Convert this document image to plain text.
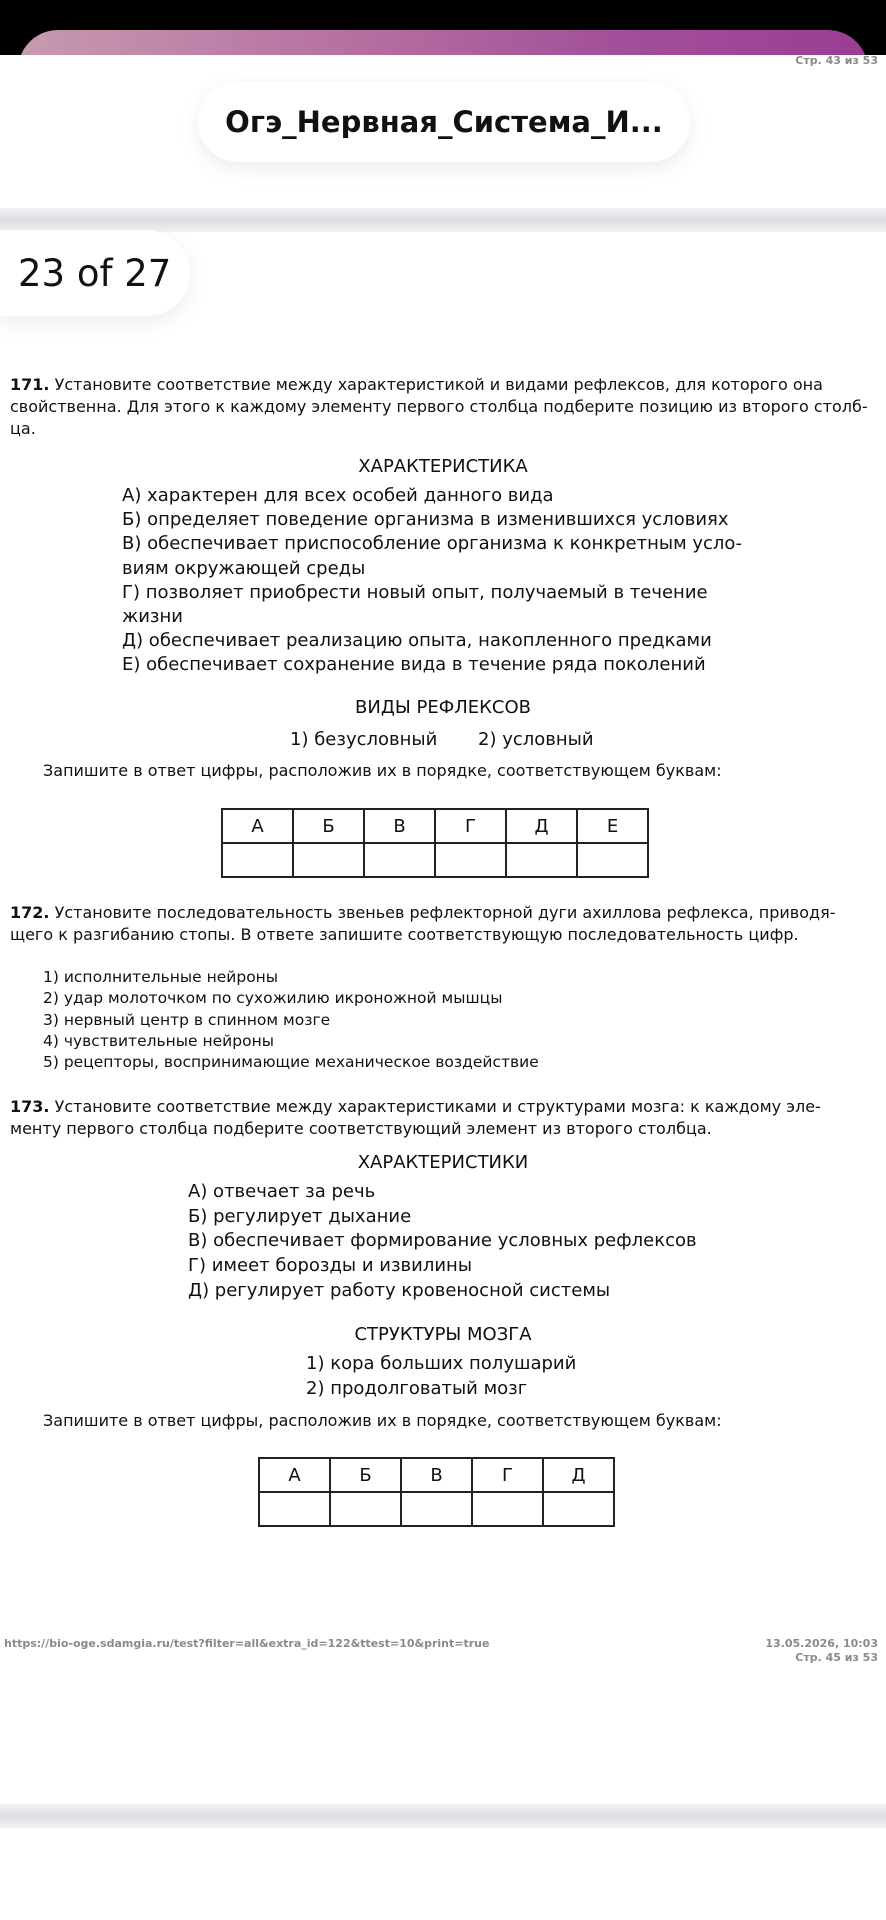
Стр. 43 из 53
Огэ_Нервная_Система_И...
23 of 27
171. Установите соответствие между характеристикой и видами рефлексов, для которого она
свойственна. Для этого к каждому элементу первого столбца подберите позицию из второго столб-
ца.
ХАРАКТЕРИСТИКА
А) характерен для всех особей данного вида
Б) определяет поведение организма в изменившихся условиях
В) обеспечивает приспособление организма к конкретным усло-
виям окружающей среды
Г) позволяет приобрести новый опыт, получаемый в течение
жизни
Д) обеспечивает реализацию опыта, накопленного предками
Е) обеспечивает сохранение вида в течение ряда поколений
ВИДЫ РЕФЛЕКСОВ
1) безусловный 2) условный
Запишите в ответ цифры, расположив их в порядке, соответствующем буквам:
А	Б	В	Г	Д	Е

172. Установите последовательность звеньев рефлекторной дуги ахиллова рефлекса, приводя-
щего к разгибанию стопы. В ответе запишите соответствующую последовательность цифр.
1) исполнительные нейроны
2) удар молоточком по сухожилию икроножной мышцы
3) нервный центр в спинном мозге
4) чувствительные нейроны
5) рецепторы, воспринимающие механическое воздействие
173. Установите соответствие между характеристиками и структурами мозга: к каждому эле-
менту первого столбца подберите соответствующий элемент из второго столбца.
ХАРАКТЕРИСТИКИ
А) отвечает за речь
Б) регулирует дыхание
В) обеспечивает формирование условных рефлексов
Г) имеет борозды и извилины
Д) регулирует работу кровеносной системы
СТРУКТУРЫ МОЗГА
1) кора больших полушарий
2) продолговатый мозг
Запишите в ответ цифры, расположив их в порядке, соответствующем буквам:
А	Б	В	Г	Д

https://bio-oge.sdamgia.ru/test?filter=all&extra_id=122&ttest=10&print=true	13.05.2026, 10:03
Стр. 45 из 53
